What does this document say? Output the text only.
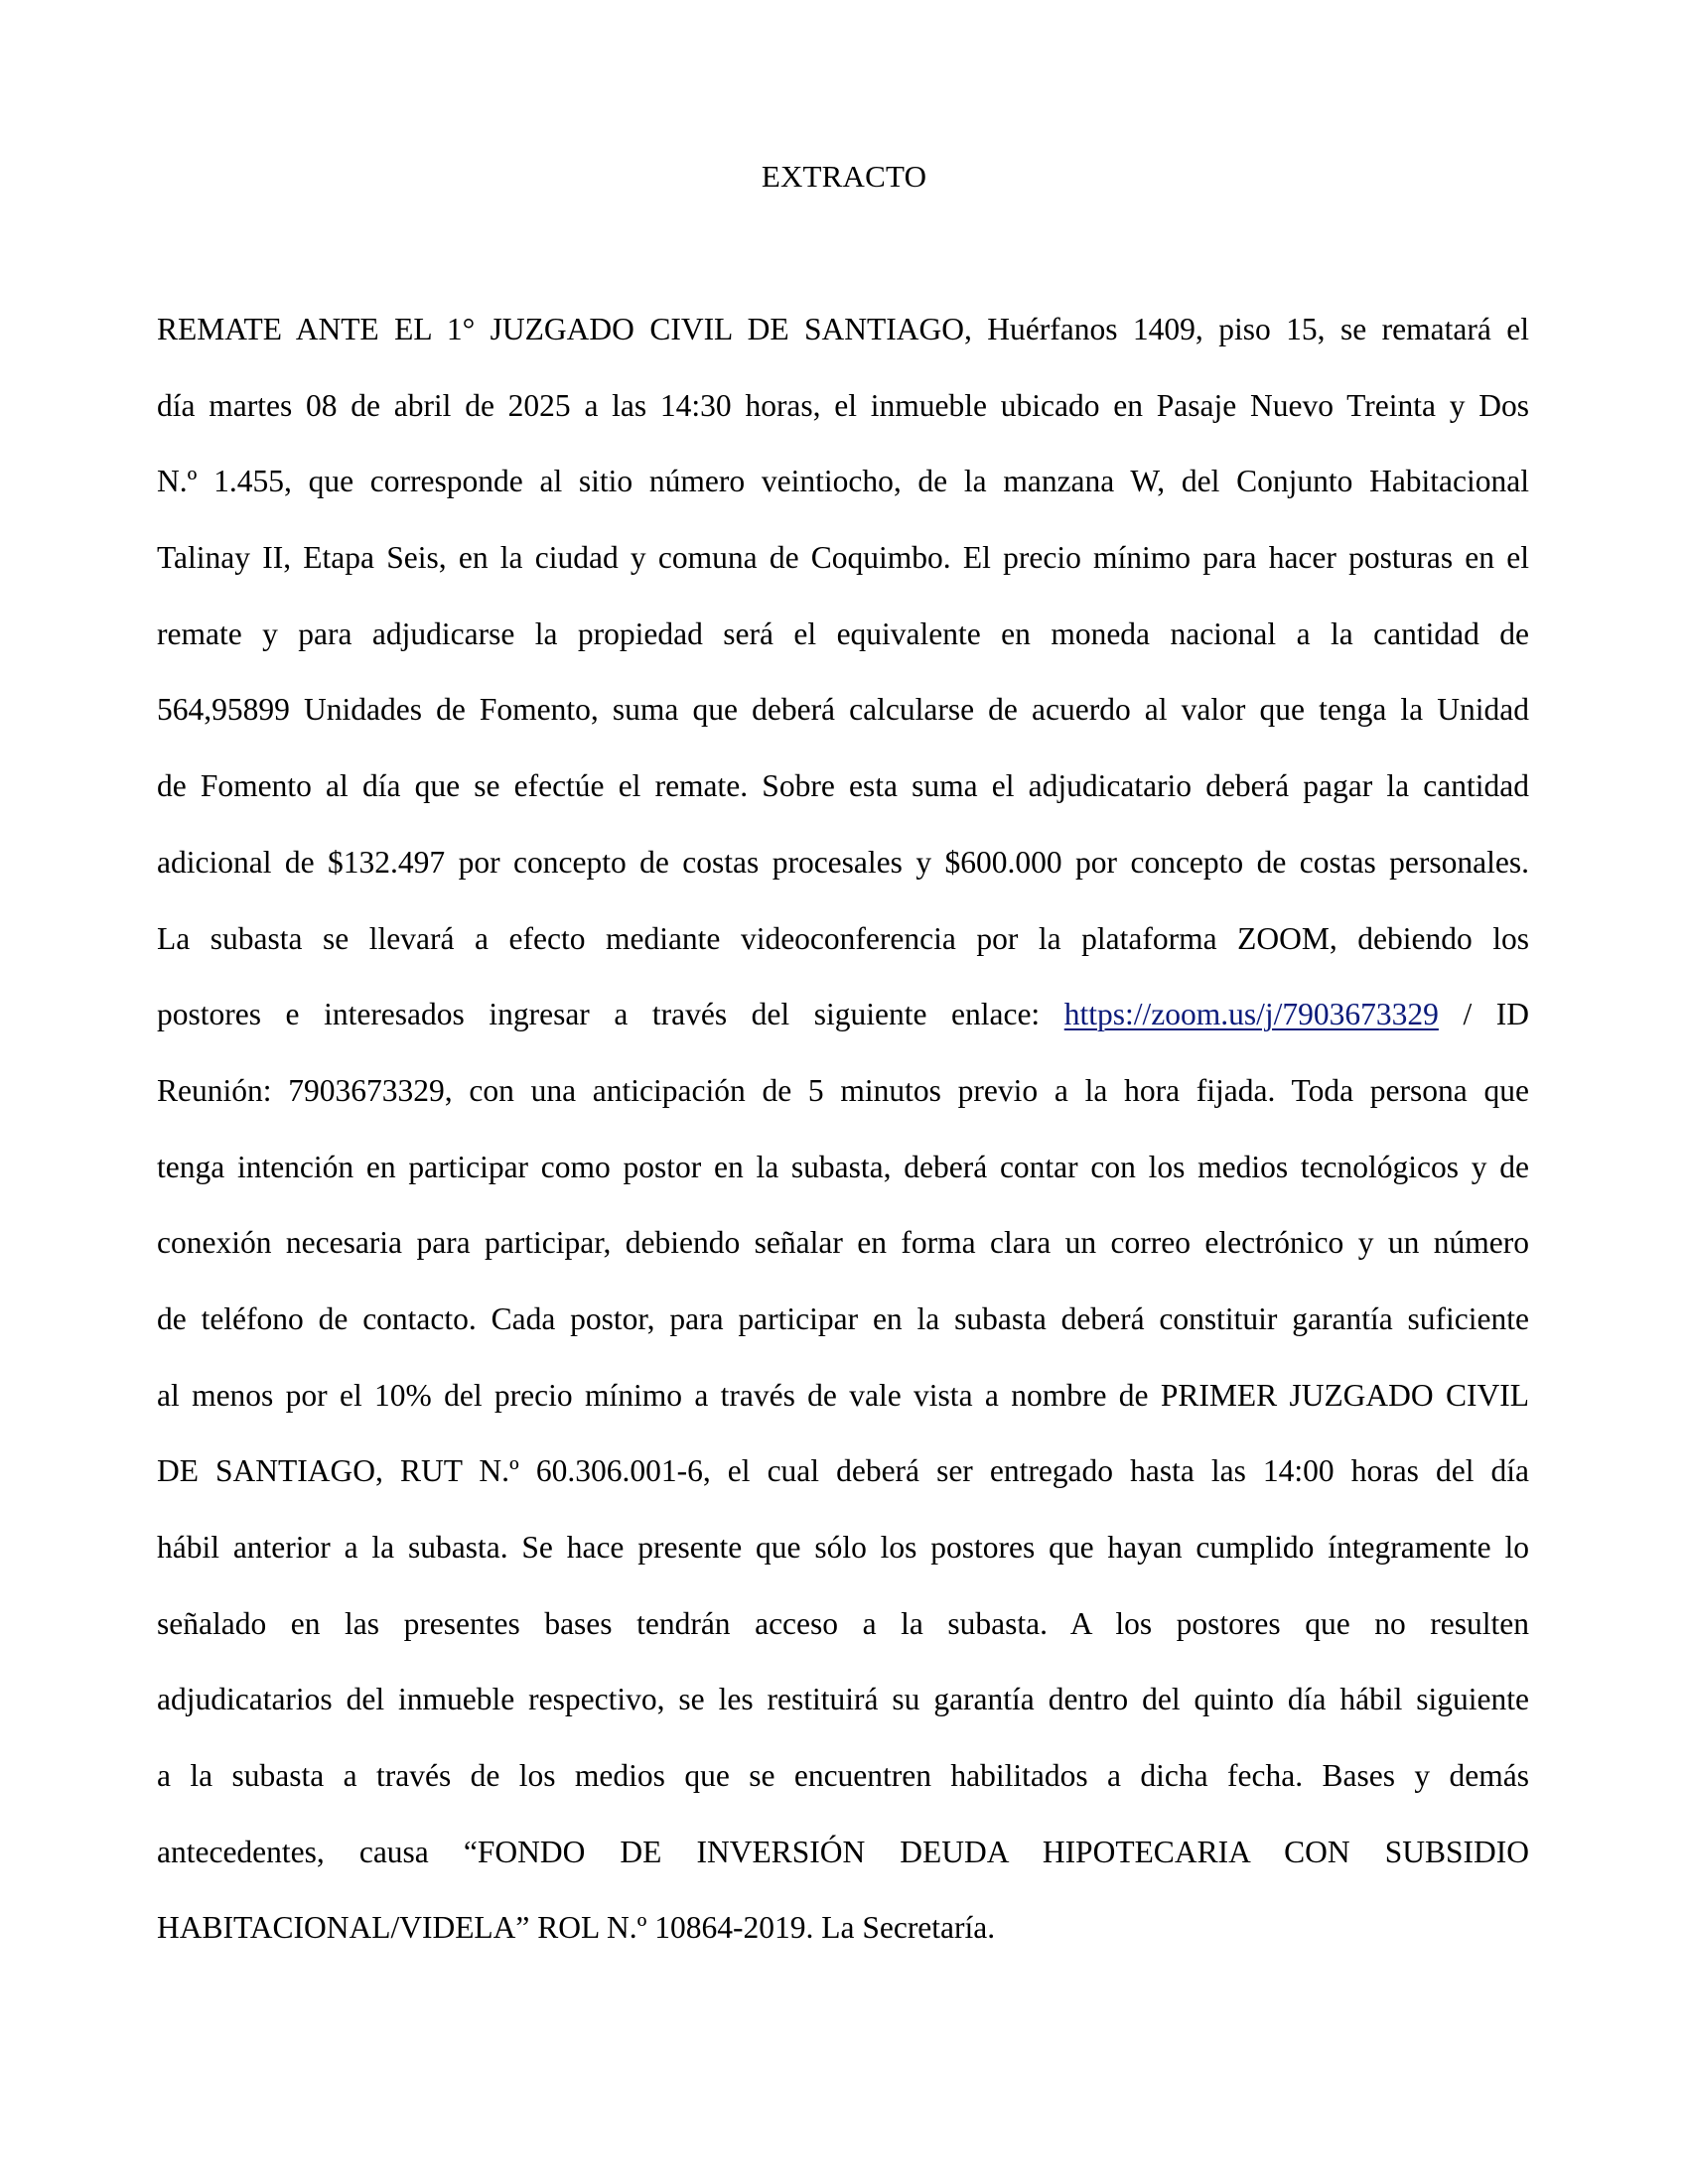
EXTRACTO
REMATE ANTE EL 1° JUZGADO CIVIL DE SANTIAGO, Huérfanos 1409, piso 15, se rematará el
día martes 08 de abril de 2025 a las 14:30 horas, el inmueble ubicado en Pasaje Nuevo Treinta y Dos
N.º 1.455, que corresponde al sitio número veintiocho, de la manzana W, del Conjunto Habitacional
Talinay II, Etapa Seis, en la ciudad y comuna de Coquimbo. El precio mínimo para hacer posturas en el
remate y para adjudicarse la propiedad será el equivalente en moneda nacional a la cantidad de
564,95899 Unidades de Fomento, suma que deberá calcularse de acuerdo al valor que tenga la Unidad
de Fomento al día que se efectúe el remate. Sobre esta suma el adjudicatario deberá pagar la cantidad
adicional de $132.497 por concepto de costas procesales y $600.000 por concepto de costas personales.
La subasta se llevará a efecto mediante videoconferencia por la plataforma ZOOM, debiendo los
postores e interesados ingresar a través del siguiente enlace: https://zoom.us/j/7903673329 / ID
Reunión: 7903673329, con una anticipación de 5 minutos previo a la hora fijada. Toda persona que
tenga intención en participar como postor en la subasta, deberá contar con los medios tecnológicos y de
conexión necesaria para participar, debiendo señalar en forma clara un correo electrónico y un número
de teléfono de contacto. Cada postor, para participar en la subasta deberá constituir garantía suficiente
al menos por el 10% del precio mínimo a través de vale vista a nombre de PRIMER JUZGADO CIVIL
DE SANTIAGO, RUT N.º 60.306.001-6, el cual deberá ser entregado hasta las 14:00 horas del día
hábil anterior a la subasta. Se hace presente que sólo los postores que hayan cumplido íntegramente lo
señalado en las presentes bases tendrán acceso a la subasta. A los postores que no resulten
adjudicatarios del inmueble respectivo, se les restituirá su garantía dentro del quinto día hábil siguiente
a la subasta a través de los medios que se encuentren habilitados a dicha fecha. Bases y demás
antecedentes, causa “FONDO DE INVERSIÓN DEUDA HIPOTECARIA CON SUBSIDIO
HABITACIONAL/VIDELA” ROL N.º 10864-2019. La Secretaría.
